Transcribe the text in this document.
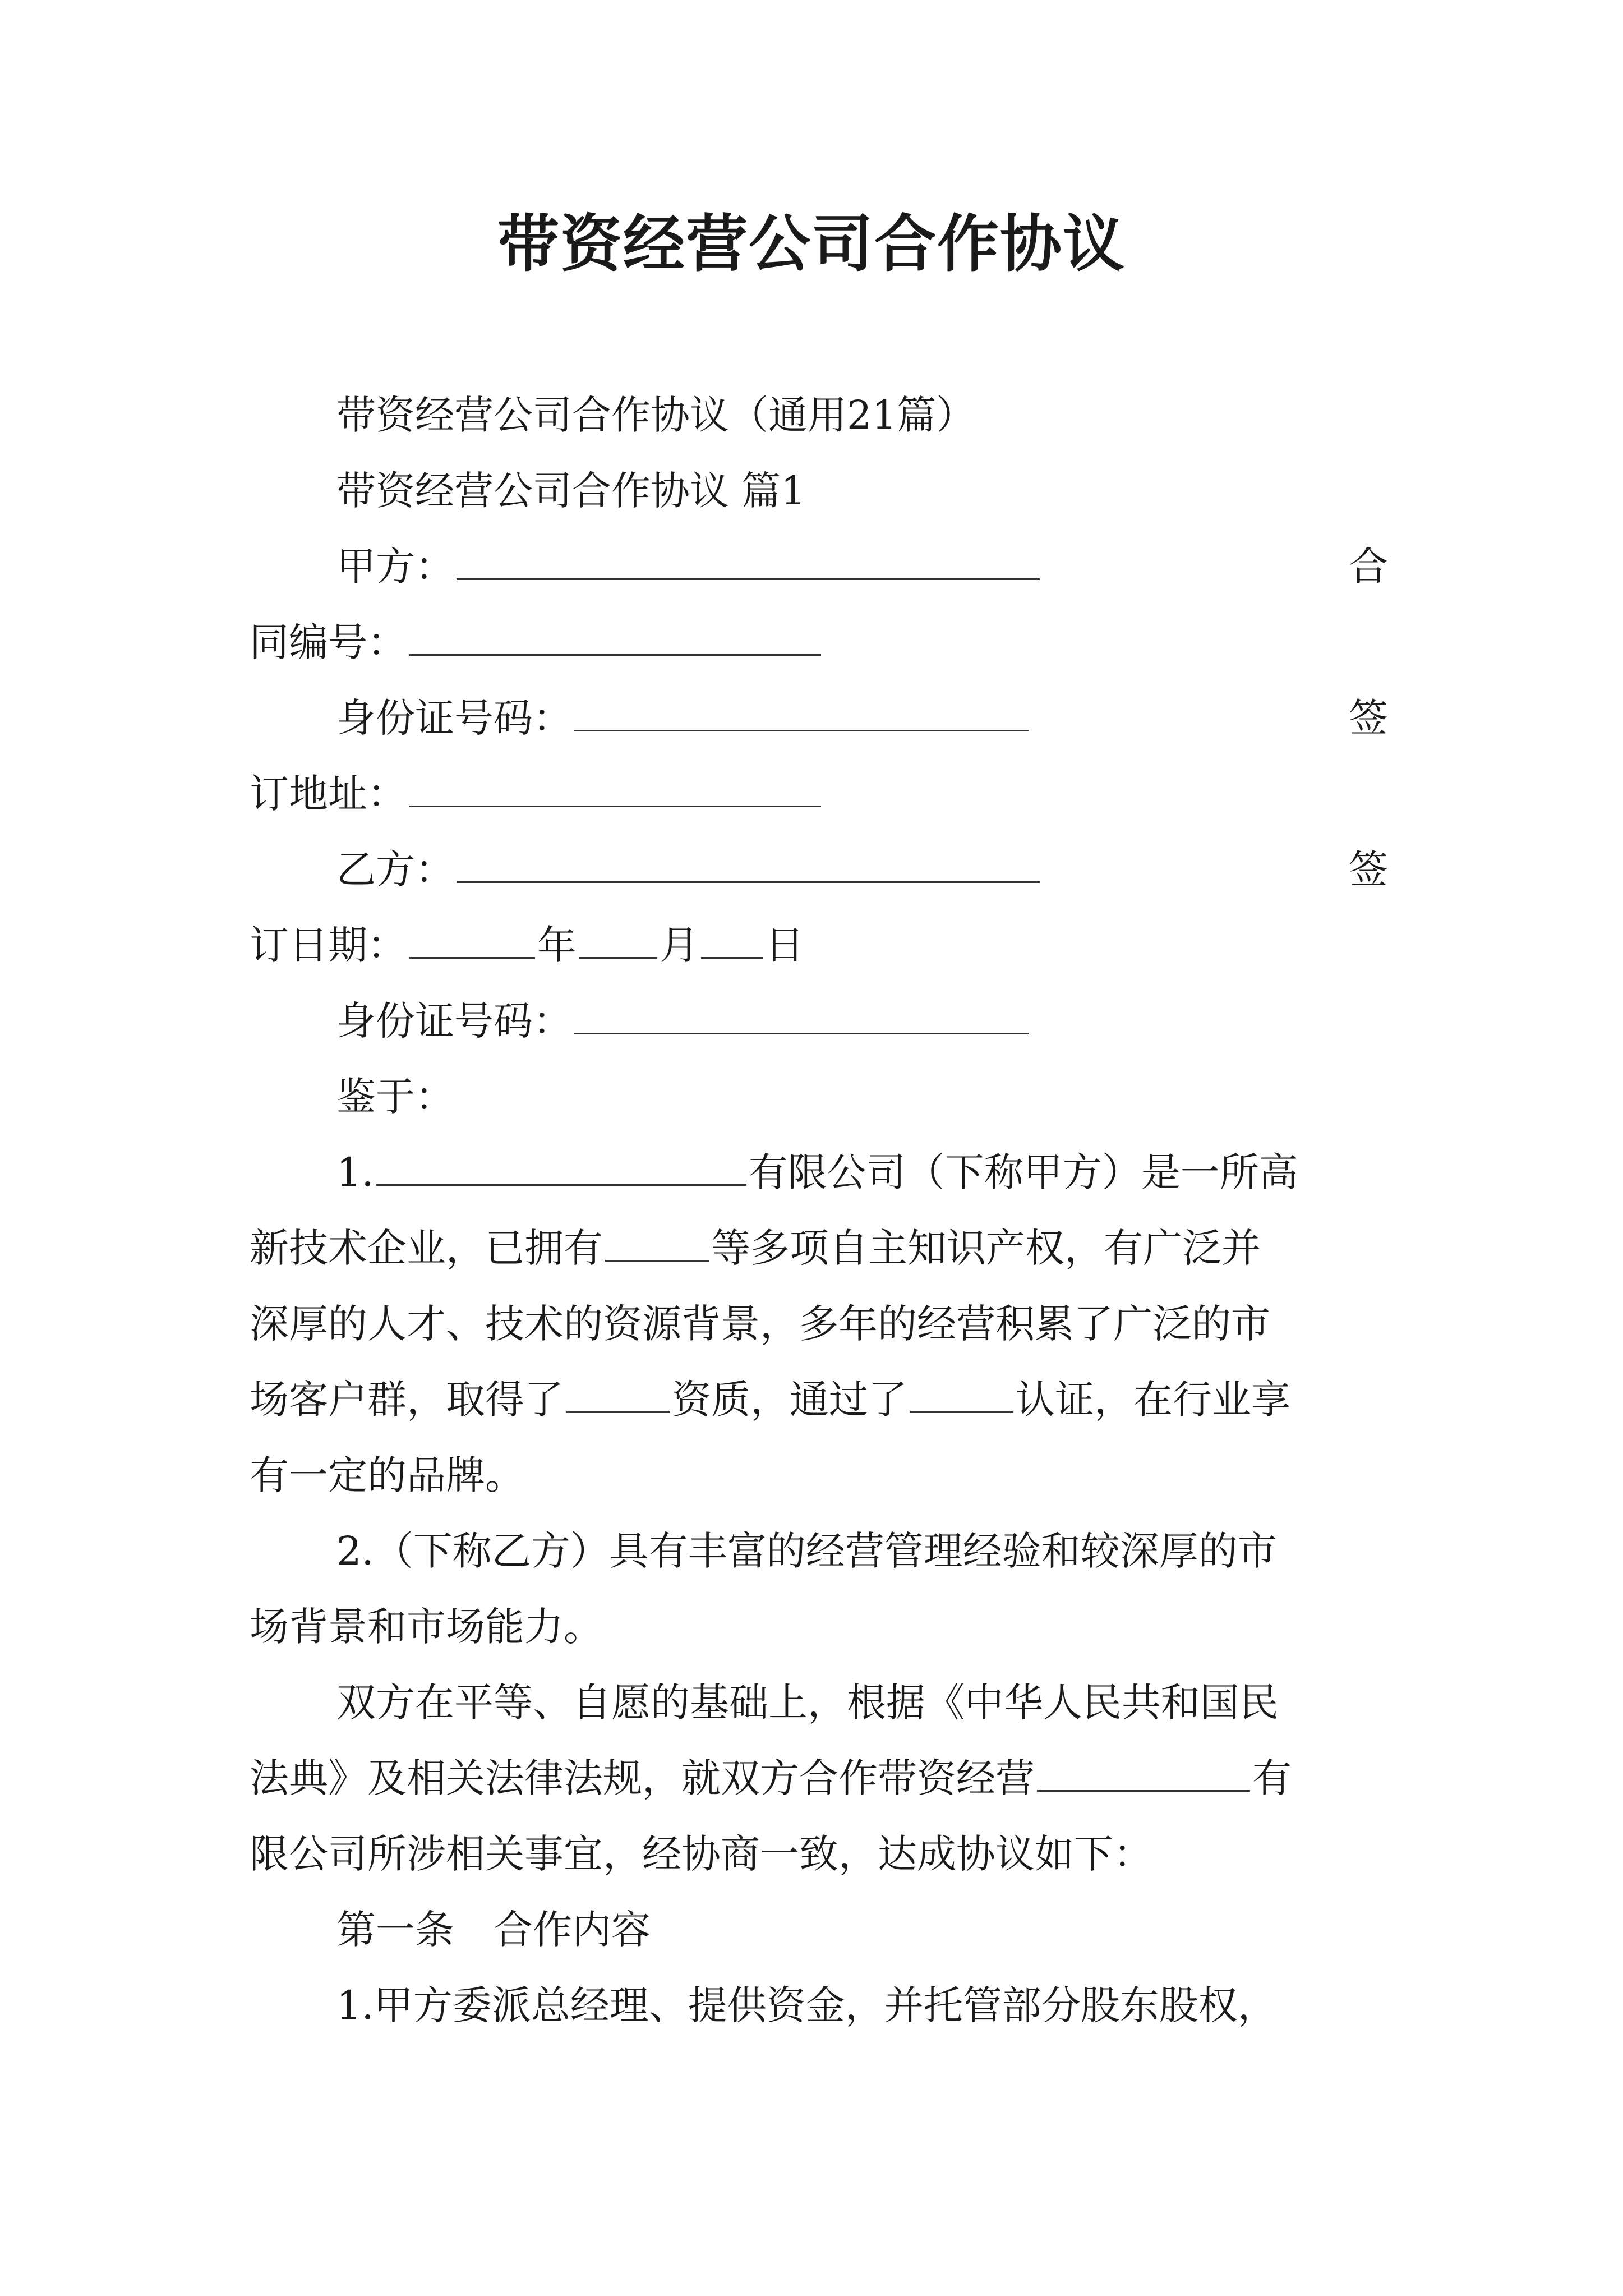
带资经营公司合作协议
带资经营公司合作协议（通用21篇）
带资经营公司合作协议 篇1
甲方：	合
同编号：
身份证号码：	签
订地址：
乙方：	签
订日期：	年 月 日
身份证号码：
鉴于：
1.	有限公司（下称甲方）是一所高
新技术企业，已拥有	等多项自主知识产权，有广泛并
深厚的人才、技术的资源背景，多年的经营积累了广泛的市
场客户群，取得了	资质，通过了	认证，在行业享
有一定的品牌。
2.（下称乙方）具有丰富的经营管理经验和较深厚的市
场背景和市场能力。
双方在平等、自愿的基础上，根据《中华人民共和国民
法典》及相关法律法规，就双方合作带资经营	有
限公司所涉相关事宜，经协商一致，达成协议如下：
第一条　合作内容
1.甲方委派总经理、提供资金，并托管部分股东股权，
